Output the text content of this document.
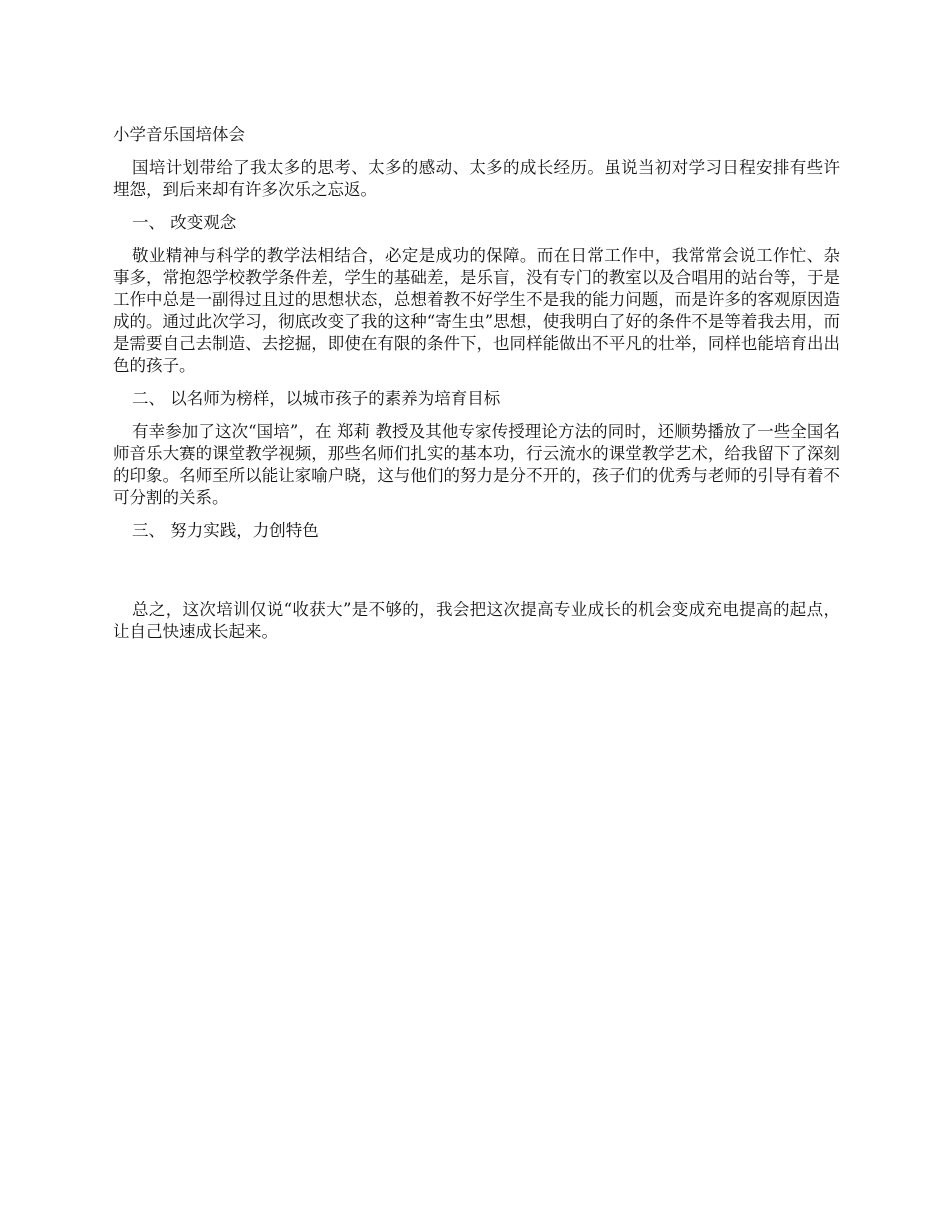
小学音乐国培体会

国培计划带给了我太多的思考、太多的感动、太多的成长经历。虽说当初对学习日程安排有些许埋怨，到后来却有许多次乐之忘返。

一、 改变观念

敬业精神与科学的教学法相结合，必定是成功的保障。而在日常工作中，我常常会说工作忙、杂事多，常抱怨学校教学条件差，学生的基础差，是乐盲，没有专门的教室以及合唱用的站台等，于是工作中总是一副得过且过的思想状态，总想着教不好学生不是我的能力问题，而是许多的客观原因造成的。通过此次学习，彻底改变了我的这种“寄生虫”思想，使我明白了好的条件不是等着我去用，而是需要自己去制造、去挖掘，即使在有限的条件下，也同样能做出不平凡的壮举，同样也能培育出出色的孩子。

二、 以名师为榜样，以城市孩子的素养为培育目标

有幸参加了这次“国培”，在 郑莉 教授及其他专家传授理论方法的同时，还顺势播放了一些全国名师音乐大赛的课堂教学视频，那些名师们扎实的基本功，行云流水的课堂教学艺术，给我留下了深刻的印象。名师至所以能让家喻户晓，这与他们的努力是分不开的，孩子们的优秀与老师的引导有着不可分割的关系。

三、 努力实践，力创特色

总之，这次培训仅说“收获大”是不够的，我会把这次提高专业成长的机会变成充电提高的起点，让自己快速成长起来。
